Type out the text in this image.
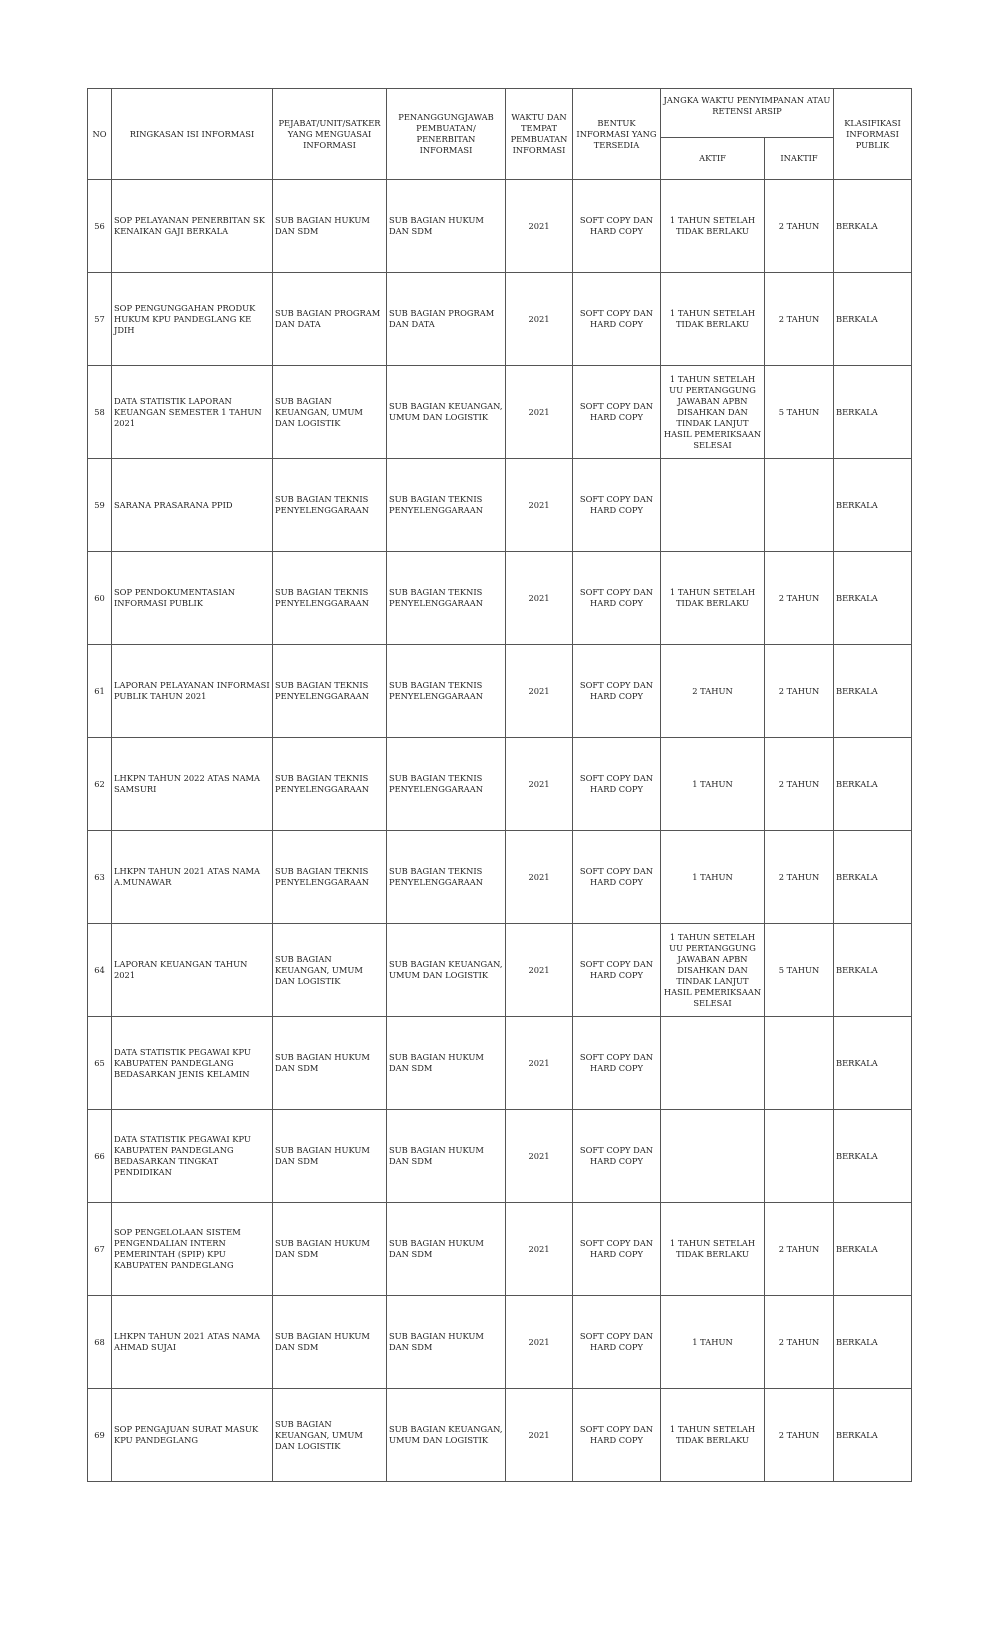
NO	RINGKASAN ISI INFORMASI	PEJABAT/UNIT/SATKER YANG MENGUASAI INFORMASI	PENANGGUNGJAWAB PEMBUATAN/ PENERBITAN INFORMASI	WAKTU DAN TEMPAT PEMBUATAN INFORMASI	BENTUK INFORMASI YANG TERSEDIA	JANGKA WAKTU PENYIMPANAN ATAU RETENSI ARSIP		KLASIFIKASI INFORMASI PUBLIK
						AKTIF	INAKTIF	
56	SOP PELAYANAN PENERBITAN SK KENAIKAN GAJI BERKALA	SUB BAGIAN HUKUM DAN SDM	SUB BAGIAN HUKUM DAN SDM	2021	SOFT COPY DAN HARD COPY	1 TAHUN SETELAH TIDAK BERLAKU	2 TAHUN	BERKALA
57	SOP PENGUNGGAHAN PRODUK HUKUM KPU PANDEGLANG KE JDIH	SUB BAGIAN PROGRAM DAN DATA	SUB BAGIAN PROGRAM DAN DATA	2021	SOFT COPY DAN HARD COPY	1 TAHUN SETELAH TIDAK BERLAKU	2 TAHUN	BERKALA
58	DATA STATISTIK LAPORAN KEUANGAN SEMESTER 1 TAHUN 2021	SUB BAGIAN KEUANGAN, UMUM DAN LOGISTIK	SUB BAGIAN KEUANGAN, UMUM DAN LOGISTIK	2021	SOFT COPY DAN HARD COPY	1 TAHUN SETELAH UU PERTANGGUNG JAWABAN APBN DISAHKAN DAN TINDAK LANJUT HASIL PEMERIKSAAN SELESAI	5 TAHUN	BERKALA
59	SARANA PRASARANA PPID	SUB BAGIAN TEKNIS PENYELENGGARAAN	SUB BAGIAN TEKNIS PENYELENGGARAAN	2021	SOFT COPY DAN HARD COPY			BERKALA
60	SOP PENDOKUMENTASIAN INFORMASI PUBLIK	SUB BAGIAN TEKNIS PENYELENGGARAAN	SUB BAGIAN TEKNIS PENYELENGGARAAN	2021	SOFT COPY DAN HARD COPY	1 TAHUN SETELAH TIDAK BERLAKU	2 TAHUN	BERKALA
61	LAPORAN PELAYANAN INFORMASI PUBLIK TAHUN 2021	SUB BAGIAN TEKNIS PENYELENGGARAAN	SUB BAGIAN TEKNIS PENYELENGGARAAN	2021	SOFT COPY DAN HARD COPY	2 TAHUN	2 TAHUN	BERKALA
62	LHKPN TAHUN 2022 ATAS NAMA SAMSURI	SUB BAGIAN TEKNIS PENYELENGGARAAN	SUB BAGIAN TEKNIS PENYELENGGARAAN	2021	SOFT COPY DAN HARD COPY	1 TAHUN	2 TAHUN	BERKALA
63	LHKPN TAHUN 2021 ATAS NAMA A.MUNAWAR	SUB BAGIAN TEKNIS PENYELENGGARAAN	SUB BAGIAN TEKNIS PENYELENGGARAAN	2021	SOFT COPY DAN HARD COPY	1 TAHUN	2 TAHUN	BERKALA
64	LAPORAN KEUANGAN TAHUN 2021	SUB BAGIAN KEUANGAN, UMUM DAN LOGISTIK	SUB BAGIAN KEUANGAN, UMUM DAN LOGISTIK	2021	SOFT COPY DAN HARD COPY	1 TAHUN SETELAH UU PERTANGGUNG JAWABAN APBN DISAHKAN DAN TINDAK LANJUT HASIL PEMERIKSAAN SELESAI	5 TAHUN	BERKALA
65	DATA STATISTIK PEGAWAI KPU KABUPATEN PANDEGLANG BEDASARKAN JENIS KELAMIN	SUB BAGIAN HUKUM DAN SDM	SUB BAGIAN HUKUM DAN SDM	2021	SOFT COPY DAN HARD COPY			BERKALA
66	DATA STATISTIK PEGAWAI KPU KABUPATEN PANDEGLANG BEDASARKAN TINGKAT PENDIDIKAN	SUB BAGIAN HUKUM DAN SDM	SUB BAGIAN HUKUM DAN SDM	2021	SOFT COPY DAN HARD COPY			BERKALA
67	SOP PENGELOLAAN SISTEM PENGENDALIAN INTERN PEMERINTAH (SPIP) KPU KABUPATEN PANDEGLANG	SUB BAGIAN HUKUM DAN SDM	SUB BAGIAN HUKUM DAN SDM	2021	SOFT COPY DAN HARD COPY	1 TAHUN SETELAH TIDAK BERLAKU	2 TAHUN	BERKALA
68	LHKPN TAHUN 2021 ATAS NAMA AHMAD SUJAI	SUB BAGIAN HUKUM DAN SDM	SUB BAGIAN HUKUM DAN SDM	2021	SOFT COPY DAN HARD COPY	1 TAHUN	2 TAHUN	BERKALA
69	SOP PENGAJUAN SURAT MASUK KPU PANDEGLANG	SUB BAGIAN KEUANGAN, UMUM DAN LOGISTIK	SUB BAGIAN KEUANGAN, UMUM DAN LOGISTIK	2021	SOFT COPY DAN HARD COPY	1 TAHUN SETELAH TIDAK BERLAKU	2 TAHUN	BERKALA
